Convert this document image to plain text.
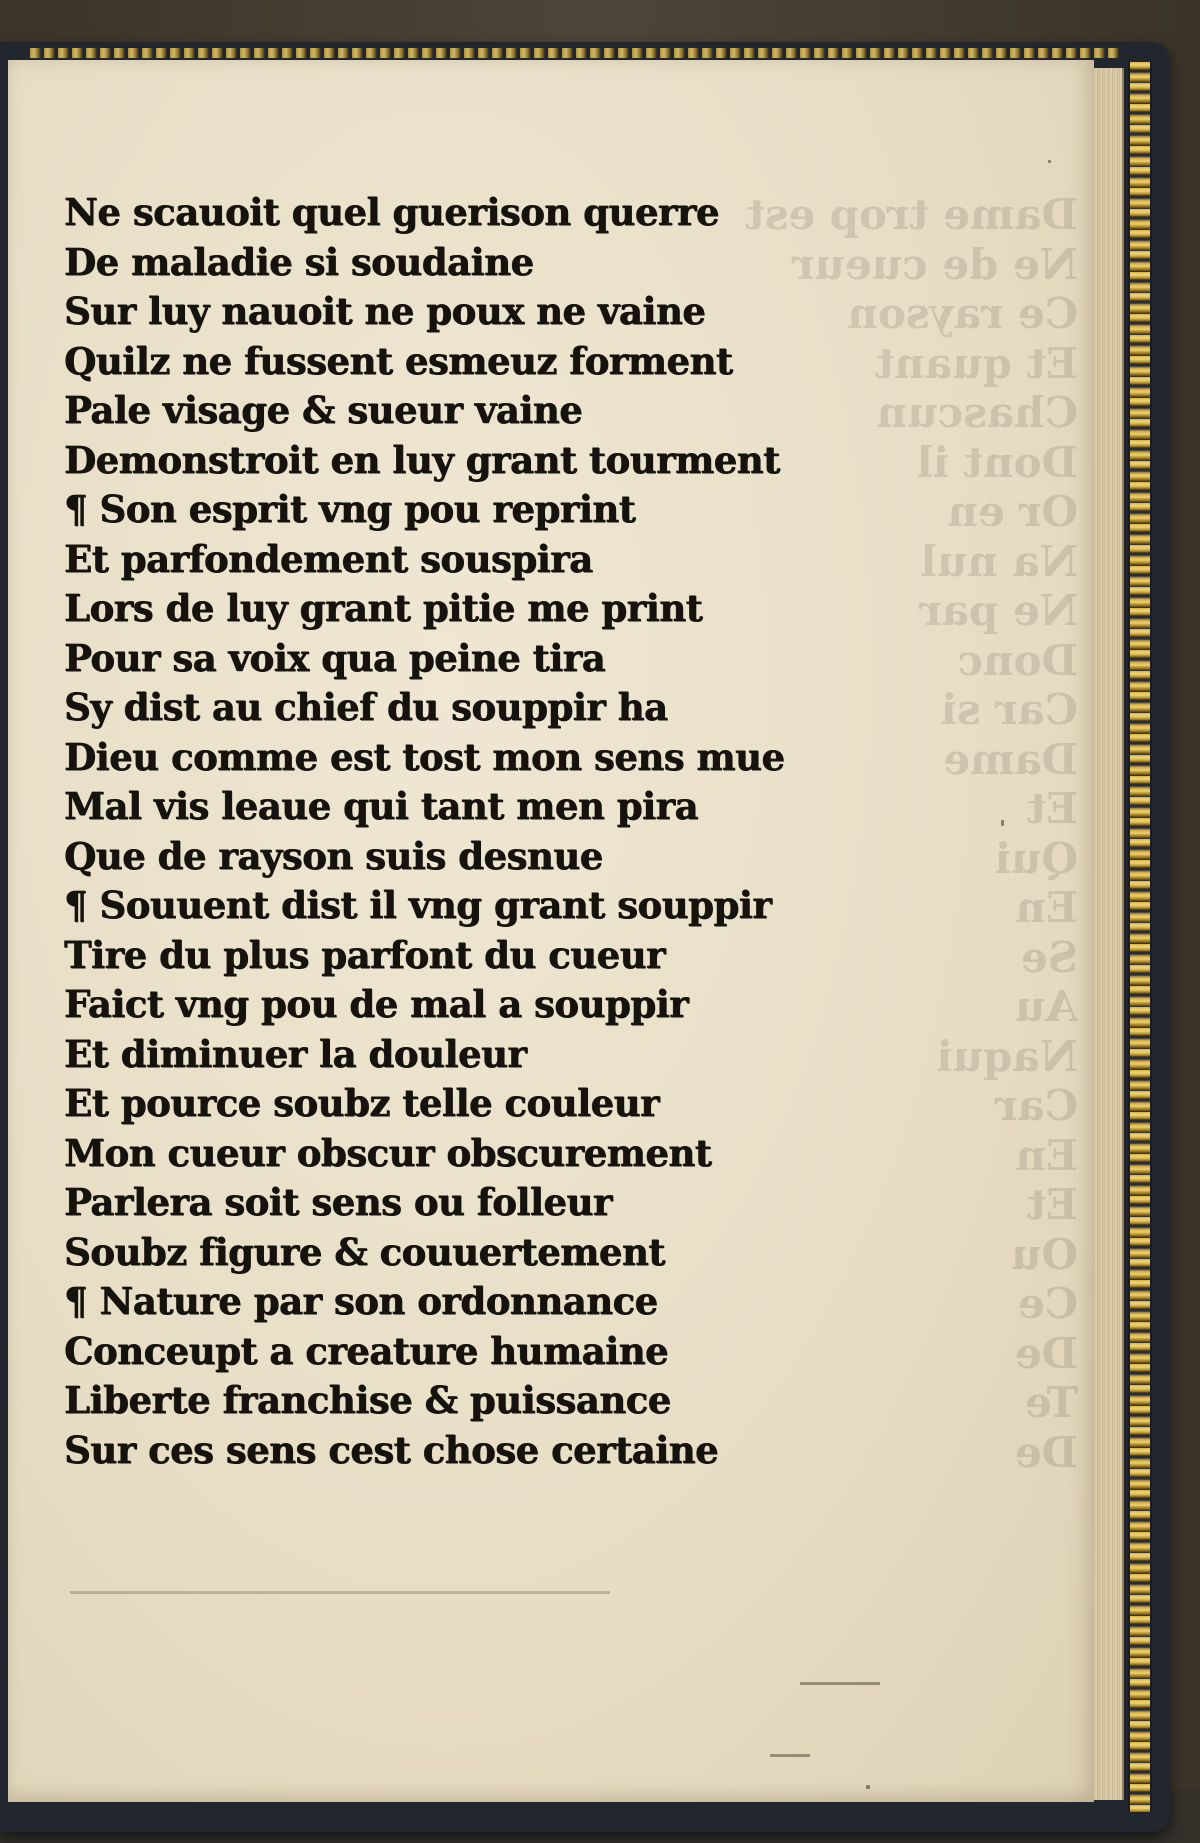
Dame trop est
Ne de cueur
Ce rayson
Et quant
Chascun
Dont il
Or en
Na nul
Ne par
Donc
Car si
Dame
Et
Qui
En
Se
Au
Naqui
Car
En
Et
Ou
Ce
De
Te
De
Ne scauoit quel guerison querre
De maladie si soudaine
Sur luy nauoit ne poux ne vaine
Quilz ne fussent esmeuz forment
Pale visage & sueur vaine
Demonstroit en luy grant tourment
¶ Son esprit vng pou reprint
Et parfondement souspira
Lors de luy grant pitie me print
Pour sa voix qua peine tira
Sy dist au chief du souppir ha
Dieu comme est tost mon sens mue
Mal vis leaue qui tant men pira
Que de rayson suis desnue
¶ Souuent dist il vng grant souppir
Tire du plus parfont du cueur
Faict vng pou de mal a souppir
Et diminuer la douleur
Et pource soubz telle couleur
Mon cueur obscur obscurement
Parlera soit sens ou folleur
Soubz figure & couuertement
¶ Nature par son ordonnance
Conceupt a creature humaine
Liberte franchise & puissance
Sur ces sens cest chose certaine
